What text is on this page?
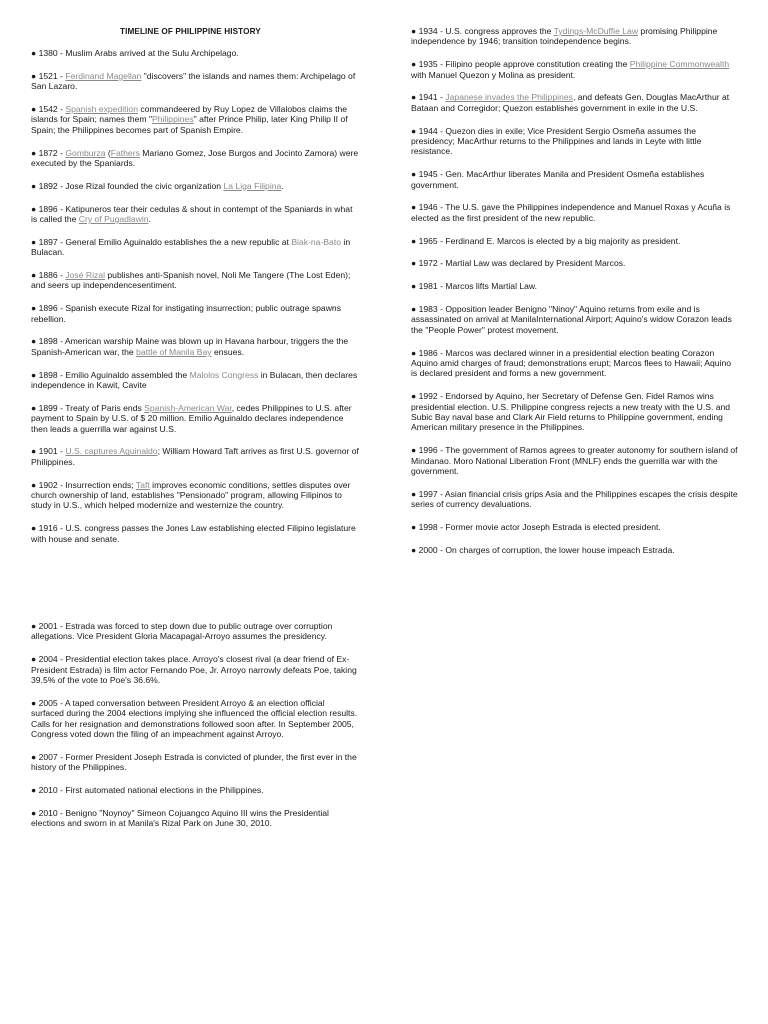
TIMELINE OF PHILIPPINE HISTORY
● 1380 - Muslim Arabs arrived at the Sulu Archipelago.
● 1521 - Ferdinand Magellan "discovers" the islands and names them: Archipelago of San Lazaro.
● 1542 - Spanish expedition commandeered by Ruy Lopez de Villalobos claims the islands for Spain; names them "Philippines" after Prince Philip, later King Philip II of Spain; the Philippines becomes part of Spanish Empire.
● 1872 - Gomburza (Fathers Mariano Gomez, Jose Burgos and Jocinto Zamora) were executed by the Spaniards.
● 1892 - Jose Rizal founded the civic organization La Liga Filipina.
● 1896 - Katipuneros tear their cedulas & shout in contempt of the Spaniards in what is called the Cry of Pugadlawin.
● 1897 - General Emilio Aguinaldo establishes the a new republic at Biak-na-Bato in Bulacan.
● 1886 - José Rizal publishes anti-Spanish novel, Noli Me Tangere (The Lost Eden); and seers up independencesentiment.
● 1896 - Spanish execute Rizal for instigating insurrection; public outrage spawns rebellion.
● 1898 - American warship Maine was blown up in Havana harbour, triggers the the Spanish-American war, the battle of Manila Bay ensues.
● 1898 - Emilio Aguinaldo assembled the Malolos Congress in Bulacan, then declares independence in Kawit, Cavite
● 1899 - Treaty of Paris ends Spanish-American War, cedes Philippines to U.S. after payment to Spain by U.S. of $ 20 million. Emilio Aguinaldo declares independence then leads a guerrilla war against U.S.
● 1901 - U.S. captures Aguinaldo; William Howard Taft arrives as first U.S. governor of Philippines.
● 1902 - Insurrection ends; Taft improves economic conditions, settles disputes over church ownership of land, establishes "Pensionado" program, allowing Filipinos to study in U.S., which helped modernize and westernize the country.
● 1916 - U.S. congress passes the Jones Law establishing elected Filipino legislature with house and senate.
● 1934 - U.S. congress approves the Tydings-McDuffie Law promising Philippine independence by 1946; transition toindependence begins.
● 1935 - Filipino people approve constitution creating the Philippine Commonwealth with Manuel Quezon y Molina as president.
● 1941 - Japanese invades the Philippines, and defeats Gen. Douglas MacArthur at Bataan and Corregidor; Quezon establishes government in exile in the U.S.
● 1944 - Quezon dies in exile; Vice President Sergio Osmeña assumes the presidency; MacArthur returns to the Philippines and lands in Leyte with little resistance.
● 1945 - Gen. MacArthur liberates Manila and President Osmeña establishes government.
● 1946 - The U.S. gave the Philippines independence and Manuel Roxas y Acuña is elected as the first president of the new republic.
● 1965 - Ferdinand E. Marcos is elected by a big majority as president.
● 1972 - Martial Law was declared by President Marcos.
● 1981 - Marcos lifts Martial Law.
● 1983 - Opposition leader Benigno "Ninoy" Aquino returns from exile and is assassinated on arrival at ManilaInternational Airport; Aquino's widow Corazon leads the "People Power" protest movement.
● 1986 - Marcos was declared winner in a presidential election beating Corazon Aquino amid charges of fraud; demonstrations erupt; Marcos flees to Hawaii; Aquino is declared president and forms a new government.
● 1992 - Endorsed by Aquino, her Secretary of Defense Gen. Fidel Ramos wins presidential election. U.S. Philippine congress rejects a new treaty with the U.S. and Subic Bay naval base and Clark Air Field returns to Philippine government, ending American military presence in the Philippines.
● 1996 - The government of Ramos agrees to greater autonomy for southern island of Mindanao. Moro National Liberation Front (MNLF) ends the guerrilla war with the government.
● 1997 - Asian financial crisis grips Asia and the Philippines escapes the crisis despite series of currency devaluations.
● 1998 - Former movie actor Joseph Estrada is elected president.
● 2000 - On charges of corruption, the lower house impeach Estrada.
● 2001 - Estrada was forced to step down due to public outrage over corruption allegations. Vice President Gloria Macapagal-Arroyo assumes the presidency.
● 2004 - Presidential election takes place. Arroyo's closest rival (a dear friend of Ex-President Estrada) is film actor Fernando Poe, Jr. Arroyo narrowly defeats Poe, taking 39.5% of the vote to Poe's 36.6%.
● 2005 - A taped conversation between President Arroyo & an election official surfaced during the 2004 elections implying she influenced the official election results. Calls for her resignation and demonstrations followed soon after. In September 2005, Congress voted down the filing of an impeachment against Arroyo.
● 2007 - Former President Joseph Estrada is convicted of plunder, the first ever in the history of the Philippines.
● 2010 - First automated national elections in the Philippines.
● 2010 - Benigno "Noynoy" Simeon Cojuangco Aquino III wins the Presidential elections and sworn in at Manila's Rizal Park on June 30, 2010.
